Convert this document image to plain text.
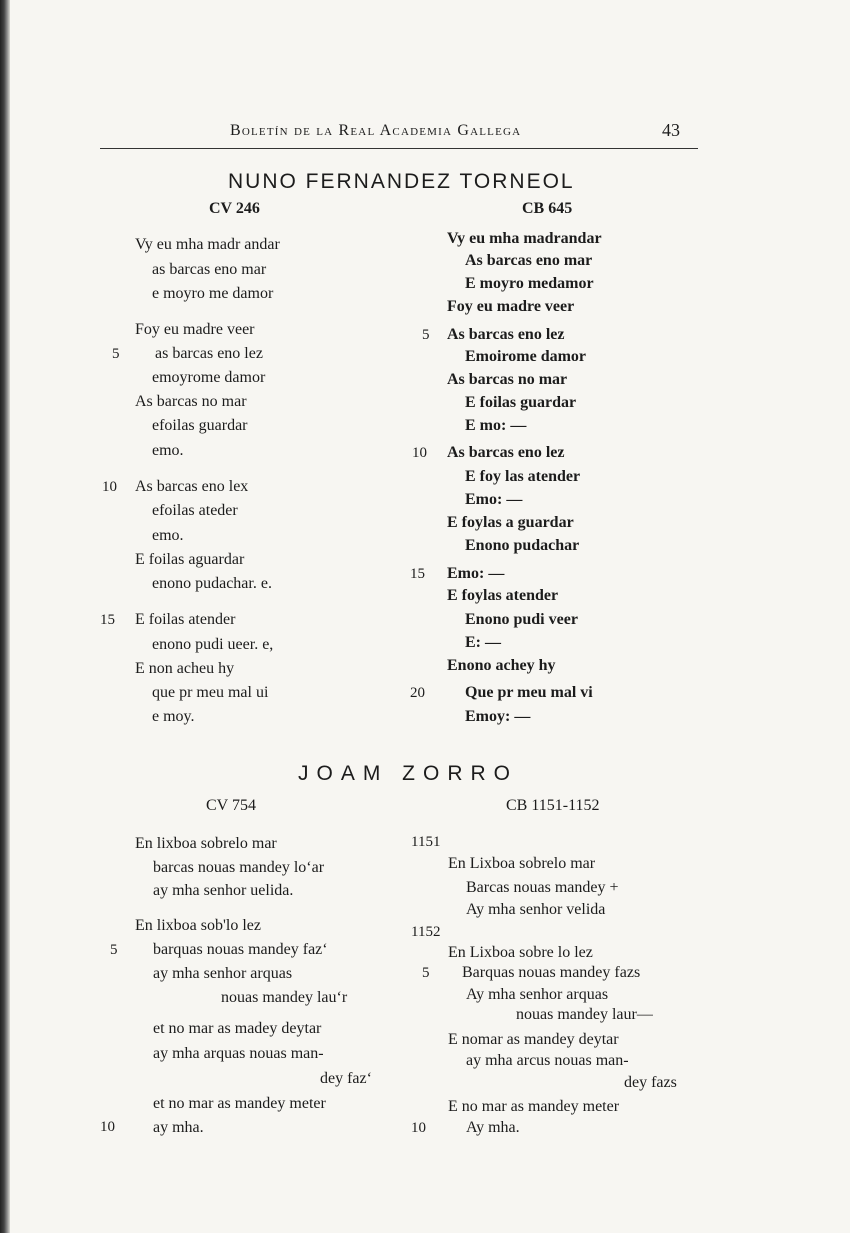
Boletín de la Real Academia Gallega	43
NUNO FERNANDEZ TORNEOL
CV 246	CB 645
Vy eu mha madr andar
as barcas eno mar
e moyro me damor
Foy eu madre veer
5 as barcas eno lez
emoyrome damor
As barcas no mar
efoilas guardar
emo.
10 As barcas eno lex
efoilas ateder
emo.
E foilas aguardar
enono pudachar. e.
15 E foilas atender
enono pudi ueer. e,
E non acheu hy
que pr meu mal ui
e moy.
Vy eu mha madrandar
As barcas eno mar
E moyro medamor
Foy eu madre veer
5 As barcas eno lez
Emoirome damor
As barcas no mar
E foilas guardar
E mo: —
10 As barcas eno lez
E foy las atender
Emo: —
E foylas a guardar
Enono pudachar
15 Emo: —
E foylas atender
Enono pudi veer
E: —
Enono achey hy
20	Que pr meu mal vi
Emoy: —
JOAM ZORRO
CV 754	CB 1151-1152
En lixboa sobrelo mar
barcas nouas mandey lo‘ar
ay mha senhor uelida.
En lixboa sob'lo lez
5 barquas nouas mandey faz‘
ay mha senhor arquas
nouas mandey lau‘r
et no mar as madey deytar
ay mha arquas nouas man-
dey faz‘
et no mar as mandey meter
10 ay mha.
1151
En Lixboa sobrelo mar
Barcas nouas mandey +
Ay mha senhor velida
1152
En Lixboa sobre lo lez
5 Barquas nouas mandey fazs
Ay mha senhor arquas
nouas mandey laur—
E nomar as mandey deytar
ay mha arcus nouas man-
dey fazs
E no mar as mandey meter
10	Ay mha.
